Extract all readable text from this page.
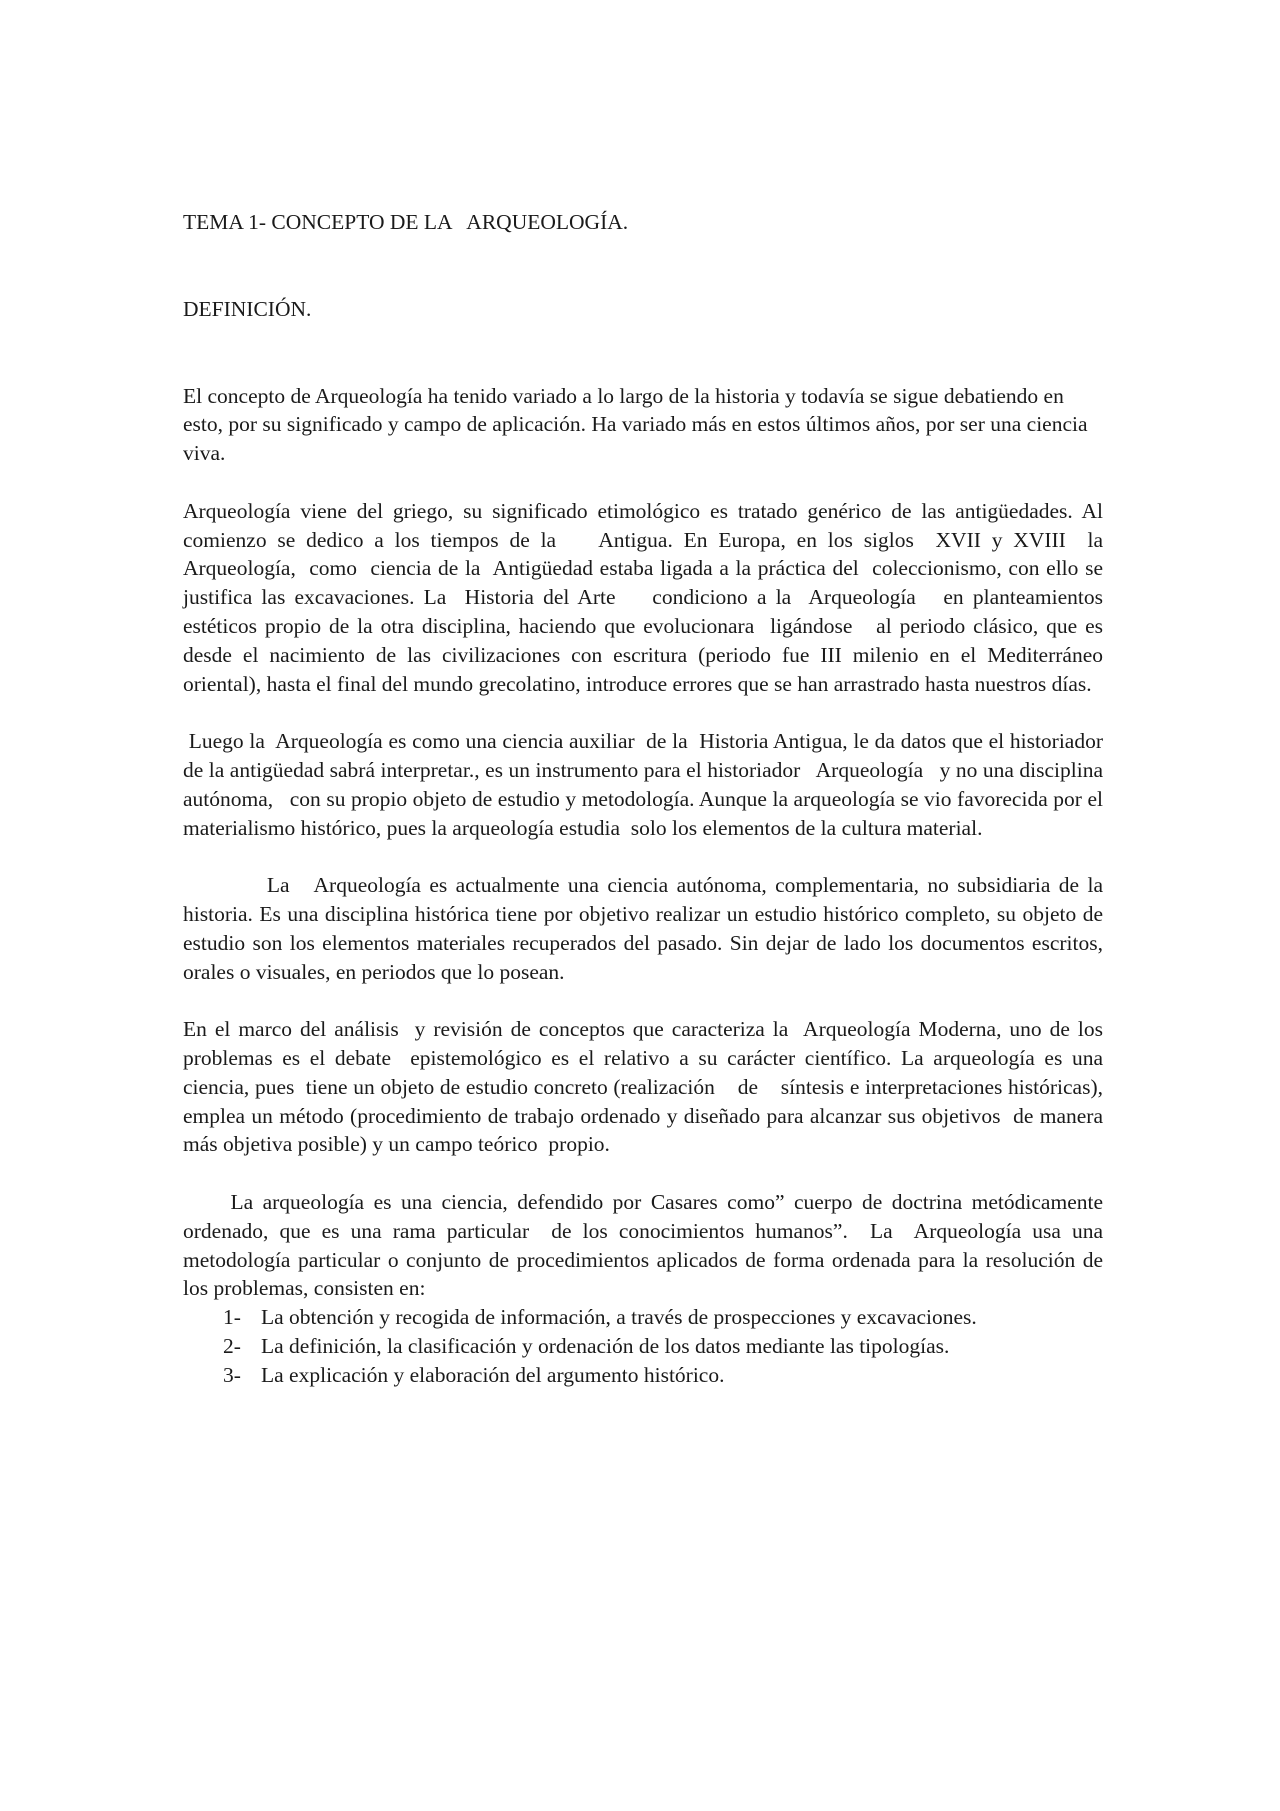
TEMA 1- CONCEPTO DE LA   ARQUEOLOGÍA.

DEFINICIÓN.

El concepto de Arqueología ha tenido variado a lo largo de la historia y todavía se sigue debatiendo en  esto, por su significado y campo de aplicación. Ha variado más en estos últimos años, por ser una ciencia viva.

Arqueología viene del griego, su significado etimológico es tratado genérico de las antigüedades. Al comienzo se dedico a los tiempos de la    Antigua. En Europa, en los siglos  XVII y XVIII  la  Arqueología,  como  ciencia de la  Antigüedad estaba ligada a la práctica del  coleccionismo, con ello se justifica las excavaciones. La  Historia del Arte    condiciono a la  Arqueología   en planteamientos estéticos propio de la otra disciplina, haciendo que evolucionara  ligándose   al periodo clásico, que es desde el nacimiento de las civilizaciones con escritura (periodo fue III milenio en el Mediterráneo oriental), hasta el final del mundo grecolatino, introduce errores que se han arrastrado hasta nuestros días.

Luego la  Arqueología es como una ciencia auxiliar  de la  Historia Antigua, le da datos que el historiador de la antigüedad sabrá interpretar., es un instrumento para el historiador   Arqueología   y no una disciplina autónoma,   con su propio objeto de estudio y metodología. Aunque la arqueología se vio favorecida por el materialismo histórico, pues la arqueología estudia  solo los elementos de la cultura material.

La   Arqueología es actualmente una ciencia autónoma, complementaria, no subsidiaria de la historia. Es una disciplina histórica tiene por objetivo realizar un estudio histórico completo, su objeto de estudio son los elementos materiales recuperados del pasado. Sin dejar de lado los documentos escritos, orales o visuales, en periodos que lo posean.

En el marco del análisis  y revisión de conceptos que caracteriza la  Arqueología Moderna, uno de los problemas es el debate  epistemológico es el relativo a su carácter científico. La arqueología es una ciencia, pues  tiene un objeto de estudio concreto (realización    de    síntesis e interpretaciones históricas), emplea un método (procedimiento de trabajo ordenado y diseñado para alcanzar sus objetivos  de manera más objetiva posible) y un campo teórico  propio.

La arqueología es una ciencia, defendido por Casares como” cuerpo de doctrina metódicamente ordenado, que es una rama particular  de los conocimientos humanos”.  La  Arqueología usa una metodología particular o conjunto de procedimientos aplicados de forma ordenada para la resolución de los problemas, consisten en:

1- La obtención y recogida de información, a través de prospecciones y excavaciones.
2- La definición, la clasificación y ordenación de los datos mediante las tipologías.
3- La explicación y elaboración del argumento histórico.
